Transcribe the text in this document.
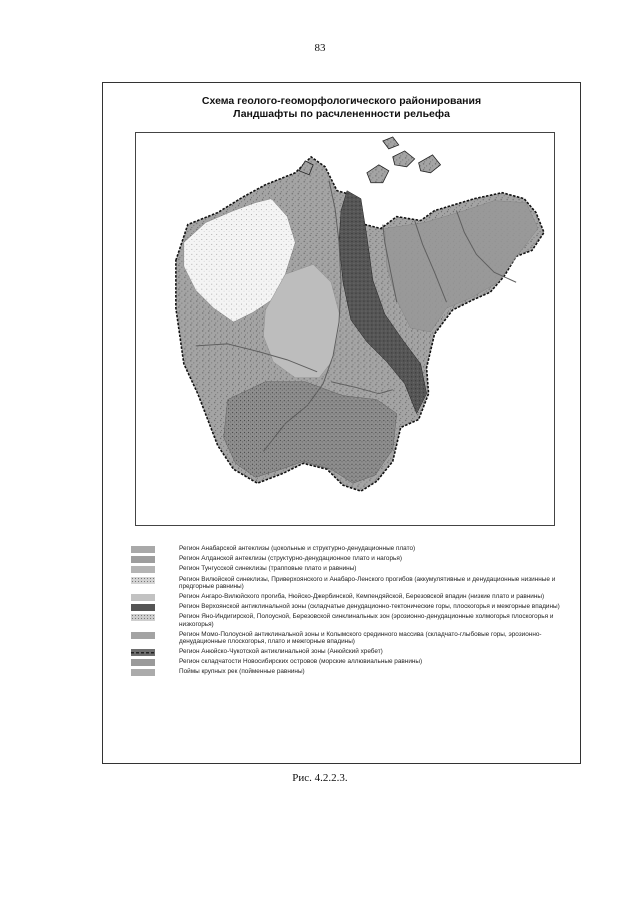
83
Схема геолого-геоморфологического районирования
Ландшафты по расчлененности рельефа
Регион Анабарской антеклизы (цокольные и структурно-денудационные плато)
Регион Алданской антеклизы (структурно-денудационное плато и нагорья)
Регион Тунгусской синеклизы (трапповые плато и равнины)
Регион Вилюйской синеклизы, Приверхоянского и Анабаро-Ленского прогибов (аккумулятивные и денудационные низинные и предгорные равнины)
Регион Ангаро-Вилюйского прогиба, Нюйско-Джербинской, Кемпендяйской, Березовской впадин (низкие плато и равнины)
Регион Верхоянской антиклинальной зоны (складчатые денудационно-тектонические горы, плоскогорья и межгорные впадины)
Регион Яно-Индигирской, Полоусной, Березовской синклинальных зон (эрозионно-денудационные холмогорья плоскогорья и низкогорья)
Регион Момо-Полоусной антиклинальной зоны и Колымского срединного массива (складчато-глыбовые горы, эрозионно-денудационные плоскогорья, плато и межгорные впадины)
Регион Анюйско-Чукотской антиклинальной зоны (Анюйский хребет)
Регион складчатости Новосибирских островов (морские аллювиальные равнины)
Поймы крупных рек (пойменные равнины)
Рис. 4.2.2.3.
